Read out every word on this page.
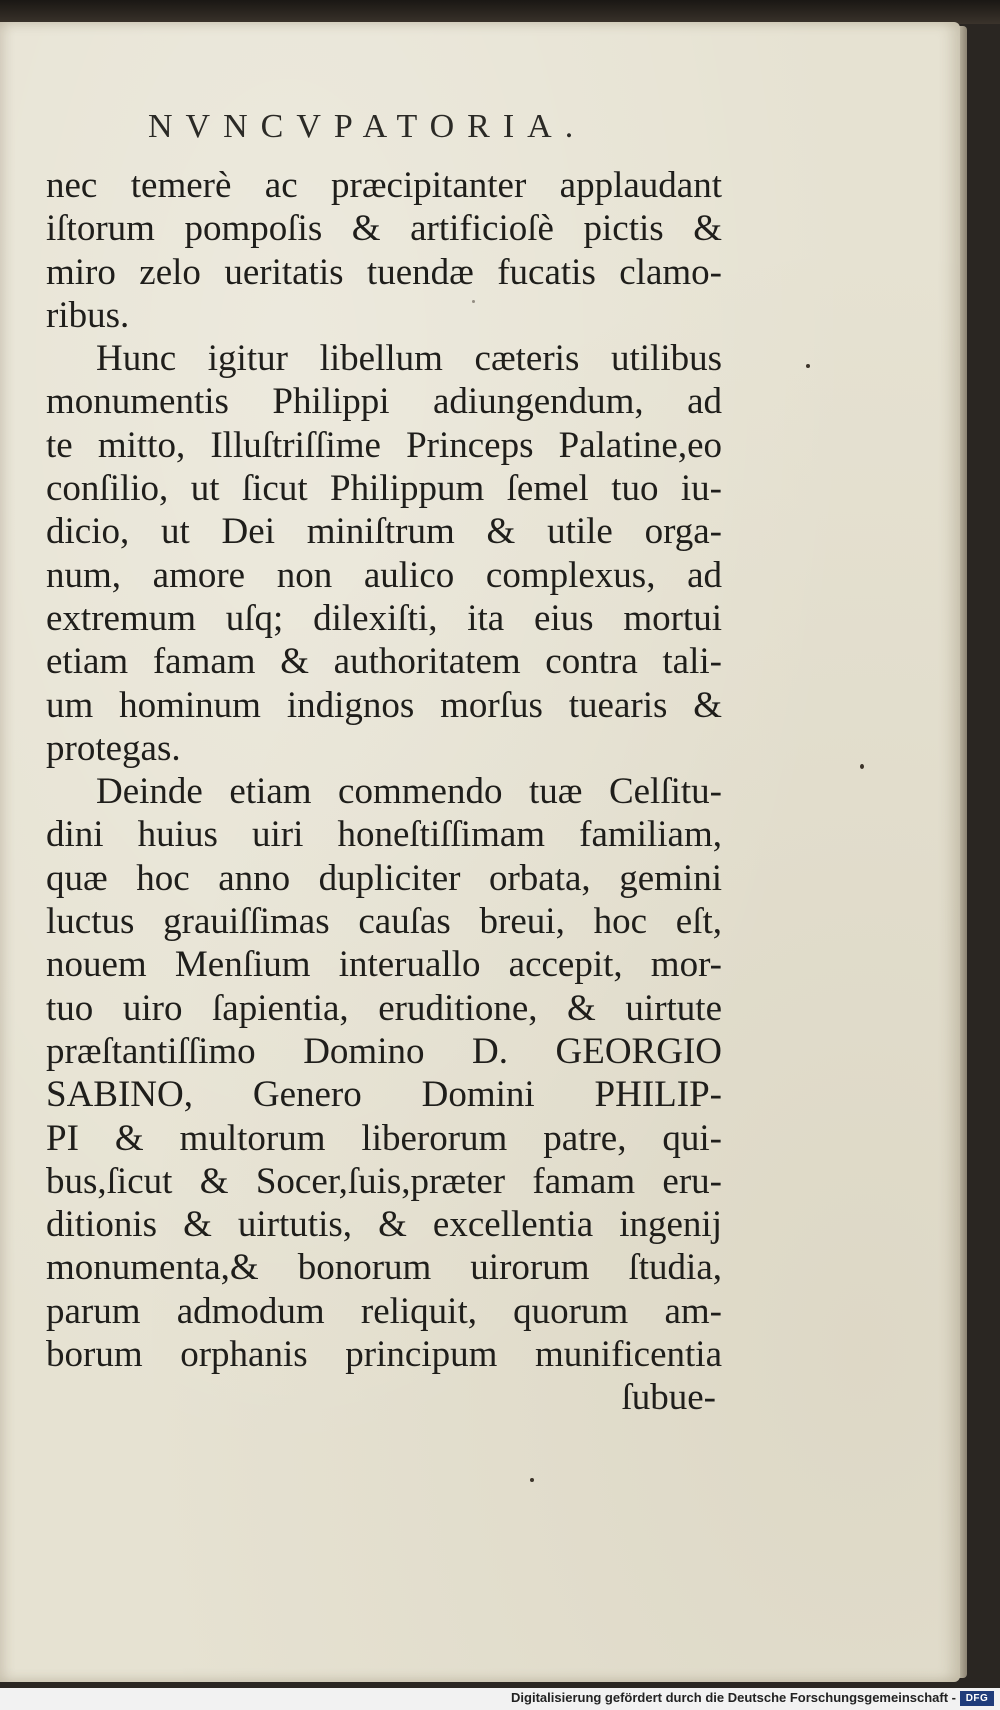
NVNCVPATORIA.
nec temerè ac præcipitanter applaudant
iſtorum pompoſis & artificioſè pictis &
miro zelo ueritatis tuendæ fucatis clamo-
ribus.
Hunc igitur libellum cæteris utilibus
monumentis Philippi adiungendum, ad
te mitto, Illuſtriſſime Princeps Palatine,eo
conſilio, ut ſicut Philippum ſemel tuo iu-
dicio, ut Dei miniſtrum & utile orga-
num, amore non aulico complexus, ad
extremum uſq; dilexiſti, ita eius mortui
etiam famam & authoritatem contra tali-
um hominum indignos morſus tuearis &
protegas.
Deinde etiam commendo tuæ Celſitu-
dini huius uiri honeſtiſſimam familiam,
quæ hoc anno dupliciter orbata, gemini
luctus grauiſſimas cauſas breui, hoc eſt,
nouem Menſium interuallo accepit, mor-
tuo uiro ſapientia, eruditione, & uirtute
præſtantiſſimo Domino D. GEORGIO
SABINO, Genero Domini PHILIP-
PI & multorum liberorum patre, qui-
bus,ſicut & Socer,ſuis,præter famam eru-
ditionis & uirtutis, & excellentia ingenij
monumenta,& bonorum uirorum ſtudia,
parum admodum reliquit, quorum am-
borum orphanis principum munificentia
ſubue-
Digitalisierung gefördert durch die Deutsche Forschungsgemeinschaft - DFG
